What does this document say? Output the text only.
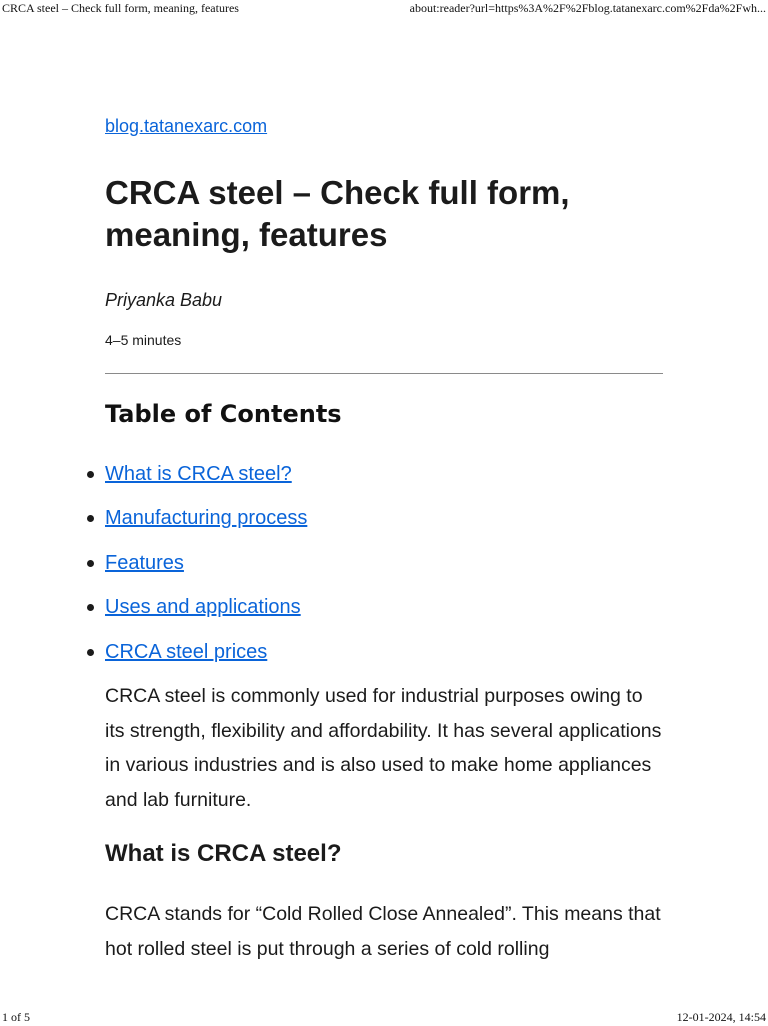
CRCA steel – Check full form, meaning, features	about:reader?url=https%3A%2F%2Fblog.tatanexarc.com%2Fda%2Fwh...
blog.tatanexarc.com
CRCA steel – Check full form, meaning, features
Priyanka Babu
4–5 minutes
Table of Contents
What is CRCA steel?
Manufacturing process
Features
Uses and applications
CRCA steel prices

CRCA steel is commonly used for industrial purposes owing to its strength, flexibility and affordability. It has several applications in various industries and is also used to make home appliances and lab furniture.

What is CRCA steel?

CRCA stands for “Cold Rolled Close Annealed”. This means that hot rolled steel is put through a series of cold rolling

1 of 5	12-01-2024, 14:54
